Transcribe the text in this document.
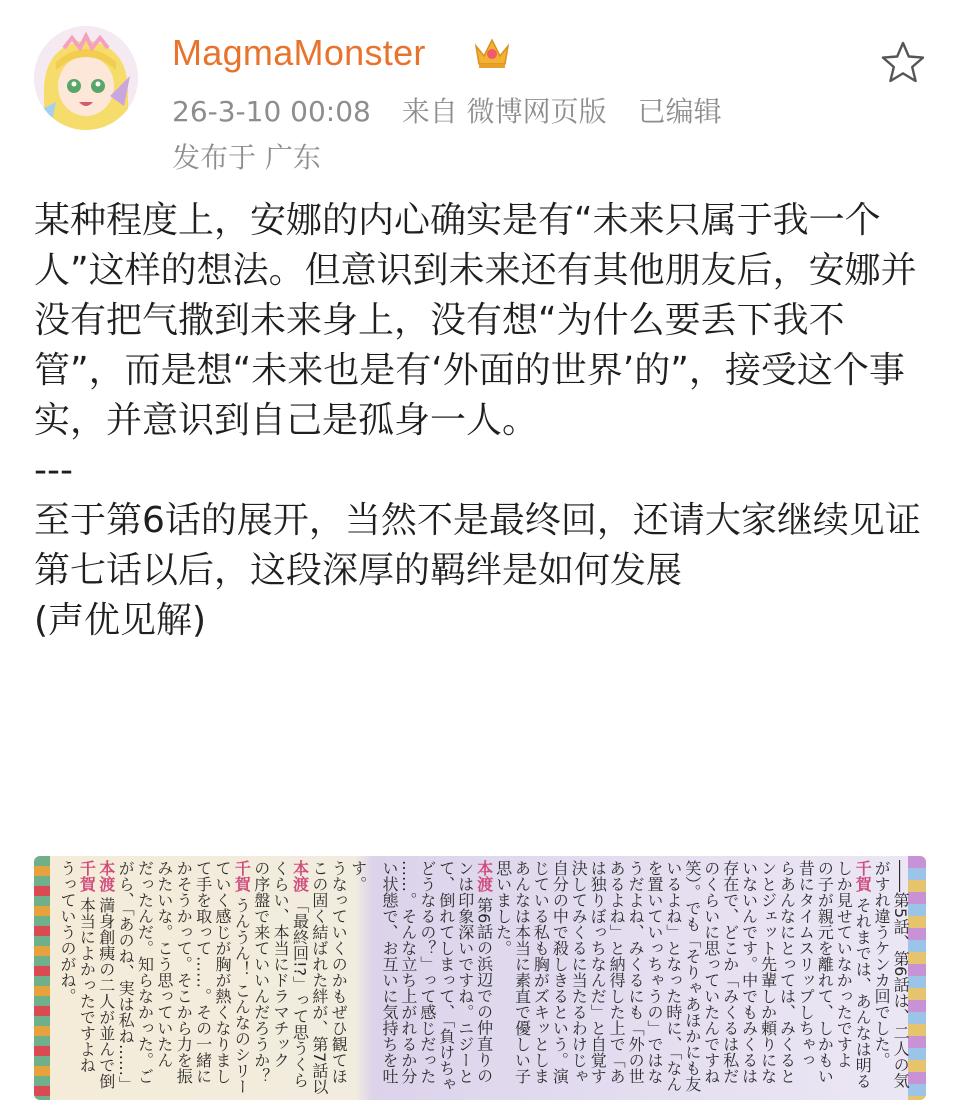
MagmaMonster
26-3-10 00:08 来自 微博网页版 已编辑
发布于 广东

某种程度上，安娜的内心确实是有“未来只属于我一个人”这样的想法。但意识到未来还有其他朋友后，安娜并没有把气撒到未来身上，没有想“为什么要丢下我不管”，而是想“未来也是有‘外面的世界’的”，接受这个事实，并意识到自己是孤身一人。

---

至于第6话的展开，当然不是最终回，还请大家继续见证第七话以后，这段深厚的羁绊是如何发展

(声优见解)

うっていうのがね。 千賀 本当によかったですよね
本渡 満身創痍の二人が並んで倒
がら、「あのね、実は私ね……」
だったんだ。知らなかった。ご
みたいな。こう思っていたん
かそうかって。そこから力を振
て手を取って……。その一緒に
ていく感じが胸が熱くなりまし
千賀 うんうん！ こんなのシリー
の序盤で来ていいんだろうか？
くらい、本当にドラマチック
本渡 「最終回!?」って思うくら
この固く結ばれた絆が、第7話以
うなっていくのかもぜひ観てほ
す。 い状態で、お互いに気持ちを吐
……。そんな立ち上がれるか分
どうなるの？」って感じだった
て、倒れてしまって、「負けちゃ
ンは印象深いですね。ニジーと
本渡 第6話の浜辺での仲直りの
思いました。 あんなは本当に素直で優しい子
じている私も胸がズキッとしま 自分の中で殺しきるという。演 決してみくるに当たるわけじゃ
は独りぼっちなんだ」と自覚す
あるよね」と納得した上で「あ
うだよね、みくるにも「外の世
を置いていっちゃうの」ではな
いるよね」となった時に、「なん
笑）。でも「そりゃあほかにも友
のくらいに思っていたんですね
存在で、どこか「みくるは私だ
いないんです。中でもみくるは
ンとジェット先輩しか頼りにな
らあんなにとっては、みくると
昔にタイムスリップしちゃっ
の子が親元を離れて、しかもい
しか見せていなかったですよ
千賀 それまでは、あんなは明る
がすれ違うケンカ回でした。 ――第5話、第6話は、二人の気
